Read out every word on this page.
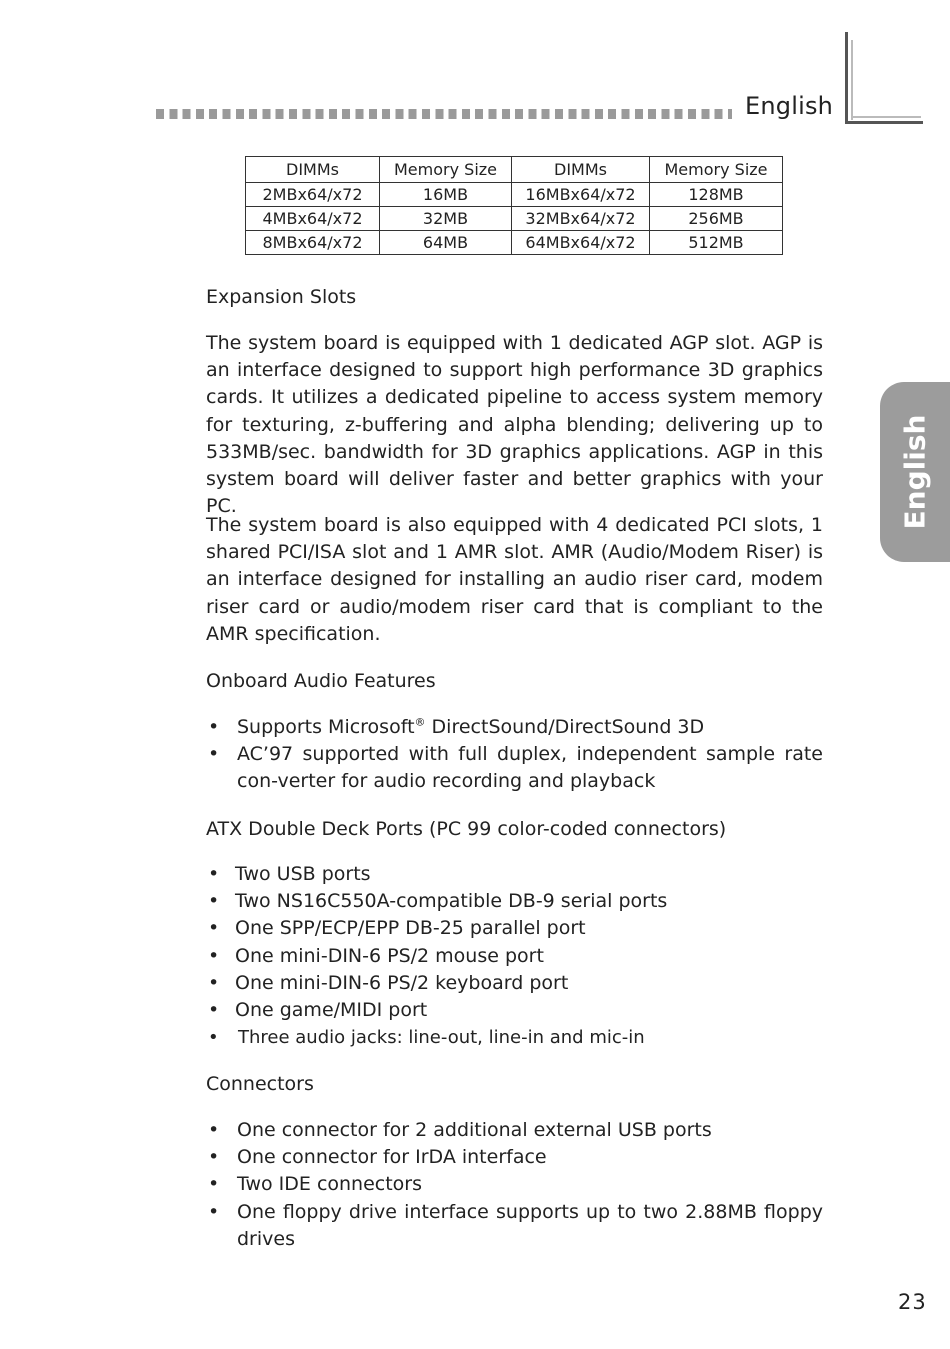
English
English
DIMMs	Memory Size	DIMMs	Memory Size
2MBx64/x72	16MB	16MBx64/x72	128MB
4MBx64/x72	32MB	32MBx64/x72	256MB
8MBx64/x72	64MB	64MBx64/x72	512MB
Expansion Slots
The system board is equipped with 1 dedicated AGP slot. AGP is an interface designed to support high performance 3D graphics cards. It utilizes a dedicated pipeline to access system memory for texturing, z-buffering and alpha blending; delivering up to 533MB/sec. bandwidth for 3D graphics applications. AGP in this system board will deliver faster and better graphics with your PC.
The system board is also equipped with 4 dedicated PCI slots, 1 shared PCI/ISA slot and 1 AMR slot. AMR (Audio/Modem Riser) is an interface designed for installing an audio riser card, modem riser card or audio/modem riser card that is compliant to the AMR specification.
Onboard Audio Features
• Supports Microsoft® DirectSound/DirectSound 3D
• AC’97 supported with full duplex, independent sample rate con-verter for audio recording and playback
ATX Double Deck Ports (PC 99 color-coded connectors)
• Two USB ports
• Two NS16C550A-compatible DB-9 serial ports
• One SPP/ECP/EPP DB-25 parallel port
• One mini-DIN-6 PS/2 mouse port
• One mini-DIN-6 PS/2 keyboard port
• One game/MIDI port
• Three audio jacks: line-out, line-in and mic-in
Connectors
• One connector for 2 additional external USB ports
• One connector for IrDA interface
• Two IDE connectors
• One floppy drive interface supports up to two 2.88MB floppy drives
23
